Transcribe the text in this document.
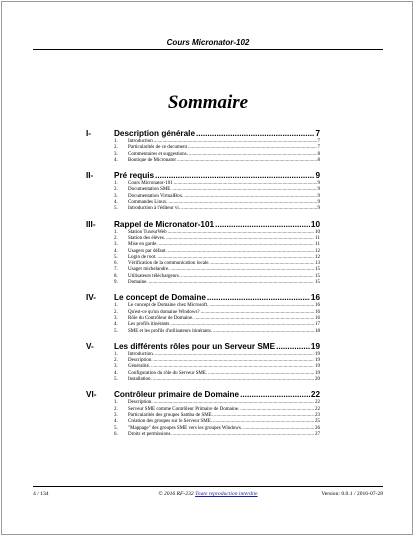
Cours Micronator-102
Sommaire
I-	Description générale .....	7
1.	Introduction .....	7
2.	Particularités de ce document .....	7
3.	Commentaires et suggestions. .....	8
4.	Boutique de Micronator .....	8
II-	Pré requis .....	9
1.	Cours Micronator-101 .....	9
2.	Documentation SME. .....	9
3.	Documentation VirtualBox. .....	9
4.	Commandes Linux. .....	9
5.	Introduction à l'éditeur vi. .....	9
III-	Rappel de Micronator-101 .....	10
1.	Station TuxeurWeb .....	10
2.	Station des élèves. .....	11
3.	Mise en garde. .....	11
4.	Usagers par défaut. .....	12
5.	Login de root. .....	12
6.	Vérification de la communication locale. .....	13
7.	Usager michelandre. .....	15
8.	Utilisateurs téléchargeurs. .....	15
9.	Domaine. .....	15
IV-	Le concept de Domaine .....	16
1.	Le concept de Domaine chez Microsoft. .....	16
2.	Qu'est-ce qu'un domaine Windows? .....	16
3.	Rôle du Contrôleur de Domaine. .....	16
4.	Les profils itinérants .....	17
5.	SME et les profils d'utilisateurs itinérants. .....	18
V-	Les différents rôles pour un Serveur SME .....	19
1.	Introduction. .....	19
2.	Description. .....	19
3.	Généralité. .....	19
4.	Configuration du rôle du Serveur SME. .....	19
5.	Installation. .....	20
VI-	Contrôleur primaire de Domaine .....	22
1.	Description. .....	22
2.	Serveur SME comme Contrôleur Primaire de Domaine. .....	22
3.	Particularités des groupes Samba de SME. .....	23
4.	Création des groupes sur le Serveur SME. .....	25
5.	"Mappage" des groupes SME vers les groupes Windows. .....	26
6.	Droits et permissions. .....	27
4 / 134	© 2016 RF-232 Toute reproduction interdite	Version: 0.0.1 / 2016-07-28
